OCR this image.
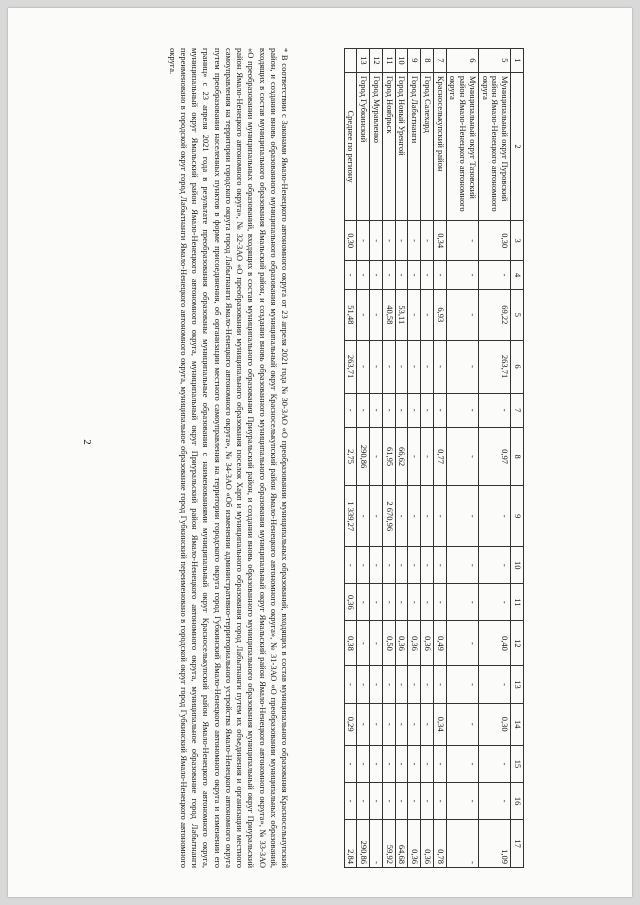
2
1	2	3	4	5	6	7	8	9	10	11	12	13	14	15	16	17
5	Муниципальный округ Пуровский район Ямало-Ненецкого автономного округа	0,30	-	69,22	263,71	-	0,97	-	-	-	0,40	-	0,30	-	-	1,09
6	Муниципальный округ Тазовский район Ямало-Ненецкого автономного округа	-	-	-	-	-	-	-	-	-	-	-	-	-	-	-
7	Красноселькупский район	0,34	-	6,93	-	-	0,77	-	-	-	0,49	-	0,34	-	-	0,78
8	Город Салехард	-	-	-	-	-	-	-	-	-	0,36	-	-	-	-	0,36
9	Город Лабытнанги	-	-	-	-	-	-	-	-	-	0,36	-	-	-	-	0,36
10	Город Новый Уренгой	-	-	53,11	-	-	66,62	-	-	-	0,36	-	-	-	-	64,68
11	Город Ноябрьск	-	-	40,58	-	-	61,95	2 670,96	-	-	0,50	-	-	-	-	59,92
12	Город Муравленко	-	-	-	-	-	-	-	-	-	-	-	-	-	-	-
13	Город Губкинский	-	-	-	-	-	290,86	-	-	-	-	-	-	-	-	290,86
	Среднее по региону	0,30	-	51,48	263,71	-	2,75	1 339,27	-	0,36	0,38	-	0,29	-	-	2,84
* В соответствии с Законами Ямало-Ненецкого автономного округа от 23 апреля 2021 года № 30-ЗАО «О преобразовании муниципальных образований, входящих в состав муниципального образования Красносельнупский район, и создании вновь образованного муниципального образования муниципальный округ Красноселькупский район Ямало-Ненецкого автономного округа», № 31-ЗАО «О преобразовании муниципальных образований, входящих в состав муниципального образования Ямальский район, и создании вновь образованного муниципального образования муниципальный округ Ямальский район Ямало-Ненецкого автономного округа», № 33-ЗАО «О преобразовании муниципальных образований, входящих в состав муниципального образования Приуральский район, и создании вновь образованного муниципального образования муниципальный округ Приуральский район Ямало-Ненецкого автономного округа», № 32-ЗАО «О преобразовании муниципального образования поселок Харп и муниципального образования город Лабытнанги путем их объединения и организации местного самоуправления на территории городского округа город Лабытнанги Ямало-Ненецкого автономного округа», № 34-ЗАО «Об изменении административно-территориального устройства Ямало-Ненецкого автономного округа путем преобразования населенных пунктов в форме присоединения, об организации местного самоуправления на территории городского округа город Губкинский Ямало-Ненецкого автономного округа и изменении его границ» с 23 апреля 2021 года в результате преобразования образованы муниципальные образования с наименованиями муниципальный округ Красноселькупский район Ямало-Ненецкого автономного округа, муниципальный округ Ямальский район Ямало-Ненецкого автономного округа, муниципальный округ Приуральский район Ямало-Ненецкого автономного округа, муниципальное образование город Лабытнанги переименовано в городской округ город Лабытнанги Ямало-Ненецкого автономного округа, муниципальное образование город Губкинский переименовано в городской округ город Губкинский Ямало-Ненецкого автономного округа.
